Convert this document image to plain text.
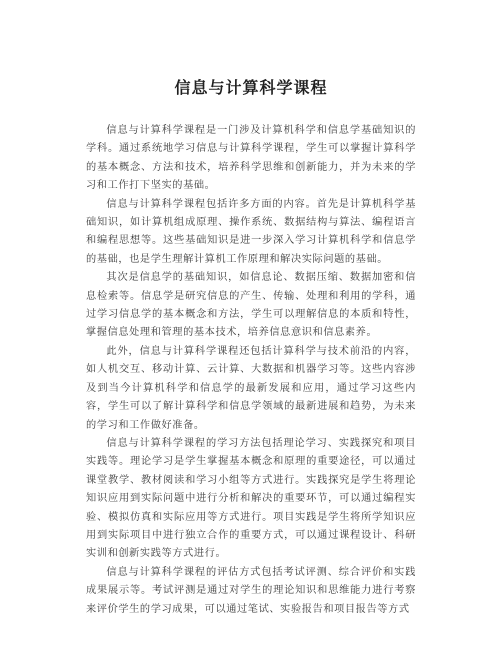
信息与计算科学课程

信息与计算科学课程是一门涉及计算机科学和信息学基础知识的学科。通过系统地学习信息与计算科学课程，学生可以掌握计算科学的基本概念、方法和技术，培养科学思维和创新能力，并为未来的学习和工作打下坚实的基础。

信息与计算科学课程包括许多方面的内容。首先是计算机科学基础知识，如计算机组成原理、操作系统、数据结构与算法、编程语言和编程思想等。这些基础知识是进一步深入学习计算机科学和信息学的基础，也是学生理解计算机工作原理和解决实际问题的基础。

其次是信息学的基础知识，如信息论、数据压缩、数据加密和信息检索等。信息学是研究信息的产生、传输、处理和利用的学科，通过学习信息学的基本概念和方法，学生可以理解信息的本质和特性，掌握信息处理和管理的基本技术，培养信息意识和信息素养。

此外，信息与计算科学课程还包括计算科学与技术前沿的内容，如人机交互、移动计算、云计算、大数据和机器学习等。这些内容涉及到当今计算机科学和信息学的最新发展和应用，通过学习这些内容，学生可以了解计算科学和信息学领域的最新进展和趋势，为未来的学习和工作做好准备。

信息与计算科学课程的学习方法包括理论学习、实践探究和项目实践等。理论学习是学生掌握基本概念和原理的重要途径，可以通过课堂教学、教材阅读和学习小组等方式进行。实践探究是学生将理论知识应用到实际问题中进行分析和解决的重要环节，可以通过编程实验、模拟仿真和实际应用等方式进行。项目实践是学生将所学知识应用到实际项目中进行独立合作的重要方式，可以通过课程设计、科研实训和创新实践等方式进行。

信息与计算科学课程的评估方式包括考试评测、综合评价和实践成果展示等。考试评测是通过对学生的理论知识和思维能力进行考察来评价学生的学习成果，可以通过笔试、实验报告和项目报告等方式
